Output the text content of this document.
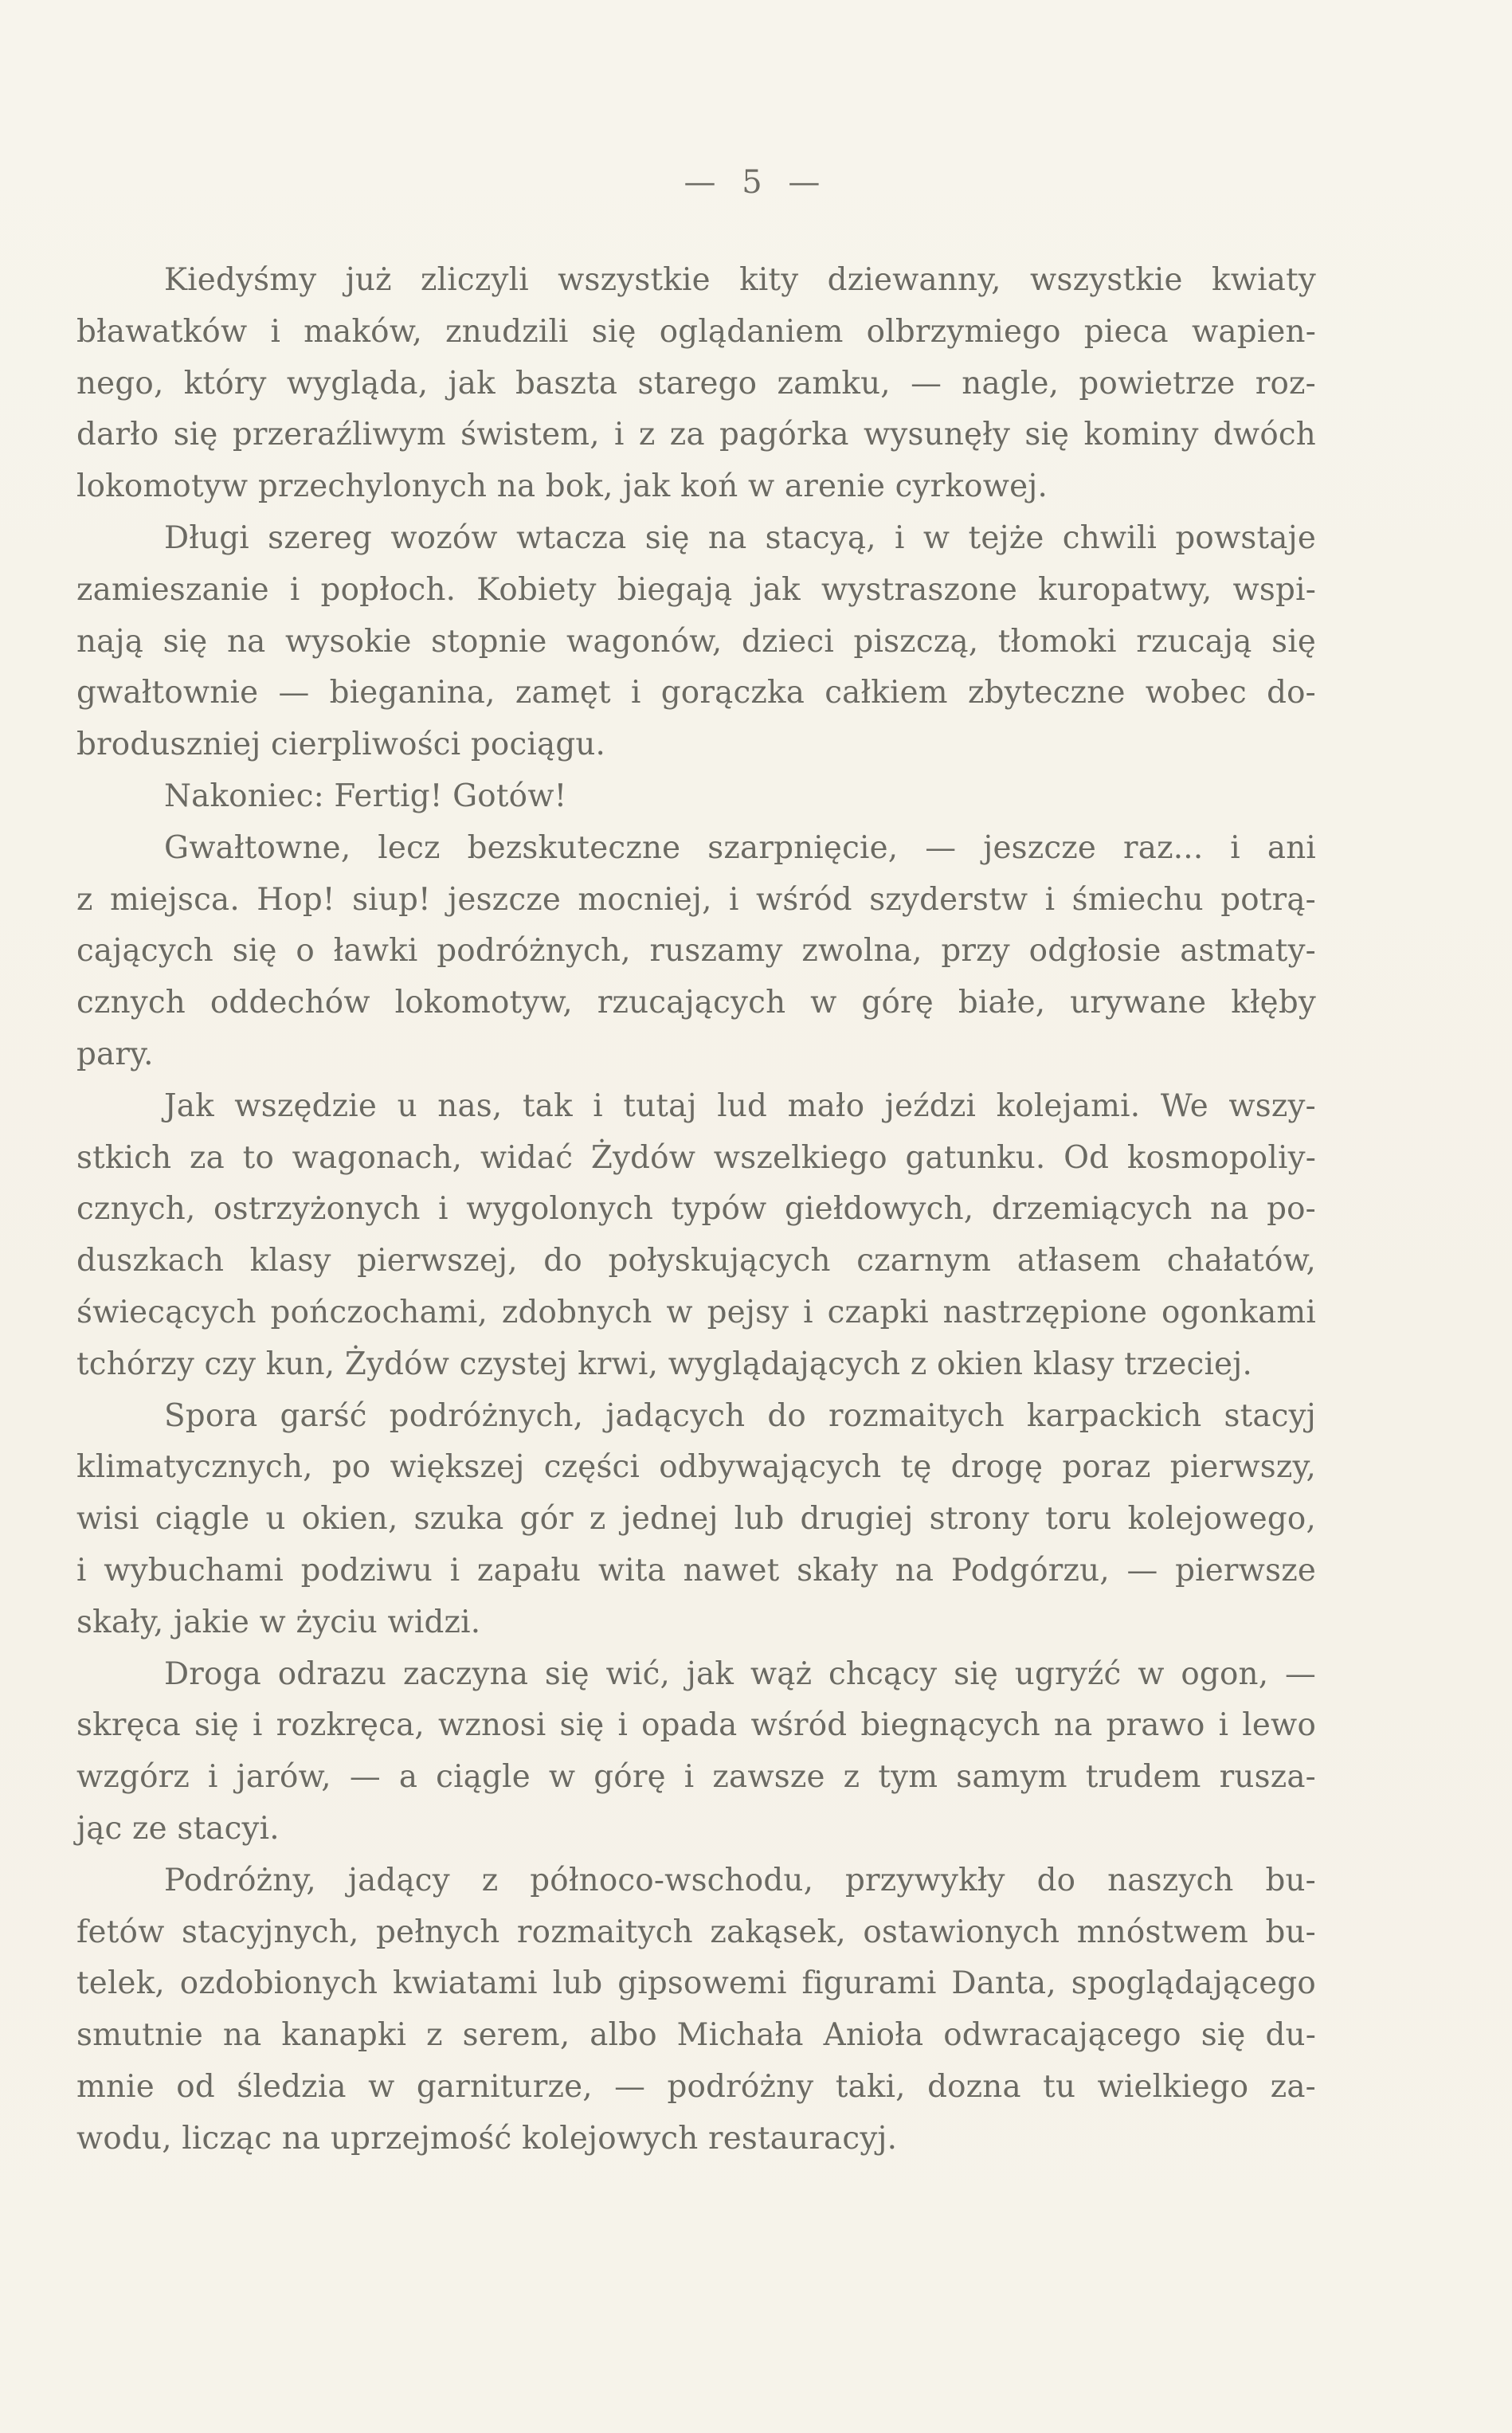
— 5 —
Kiedyśmy już zliczyli wszystkie kity dziewanny, wszystkie kwiaty
bławatków i maków, znudzili się oglądaniem olbrzymiego pieca wapien-
nego, który wygląda, jak baszta starego zamku, — nagle, powietrze roz-
darło się przeraźliwym świstem, i z za pagórka wysunęły się kominy dwóch
lokomotyw przechylonych na bok, jak koń w arenie cyrkowej.
Długi szereg wozów wtacza się na stacyą, i w tejże chwili powstaje
zamieszanie i popłoch. Kobiety biegają jak wystraszone kuropatwy, wspi-
nają się na wysokie stopnie wagonów, dzieci piszczą, tłomoki rzucają się
gwałtownie — bieganina, zamęt i gorączka całkiem zbyteczne wobec do-
broduszniej cierpliwości pociągu.
Nakoniec: Fertig! Gotów!
Gwałtowne, lecz bezskuteczne szarpnięcie, — jeszcze raz... i ani
z miejsca. Hop! siup! jeszcze mocniej, i wśród szyderstw i śmiechu potrą-
cających się o ławki podróżnych, ruszamy zwolna, przy odgłosie astmaty-
cznych oddechów lokomotyw, rzucających w górę białe, urywane kłęby
pary.
Jak wszędzie u nas, tak i tutaj lud mało jeździ kolejami. We wszy-
stkich za to wagonach, widać Żydów wszelkiego gatunku. Od kosmopoliy-
cznych, ostrzyżonych i wygolonych typów giełdowych, drzemiących na po-
duszkach klasy pierwszej, do połyskujących czarnym atłasem chałatów,
świecących pończochami, zdobnych w pejsy i czapki nastrzępione ogonkami
tchórzy czy kun, Żydów czystej krwi, wyglądających z okien klasy trzeciej.
Spora garść podróżnych, jadących do rozmaitych karpackich stacyj
klimatycznych, po większej części odbywających tę drogę poraz pierwszy,
wisi ciągle u okien, szuka gór z jednej lub drugiej strony toru kolejowego,
i wybuchami podziwu i zapału wita nawet skały na Podgórzu, — pierwsze
skały, jakie w życiu widzi.
Droga odrazu zaczyna się wić, jak wąż chcący się ugryźć w ogon, —
skręca się i rozkręca, wznosi się i opada wśród biegnących na prawo i lewo
wzgórz i jarów, — a ciągle w górę i zawsze z tym samym trudem rusza-
jąc ze stacyi.
Podróżny, jadący z północo-wschodu, przywykły do naszych bu-
fetów stacyjnych, pełnych rozmaitych zakąsek, ostawionych mnóstwem bu-
telek, ozdobionych kwiatami lub gipsowemi figurami Danta, spoglądającego
smutnie na kanapki z serem, albo Michała Anioła odwracającego się du-
mnie od śledzia w garniturze, — podróżny taki, dozna tu wielkiego za-
wodu, licząc na uprzejmość kolejowych restauracyj.
